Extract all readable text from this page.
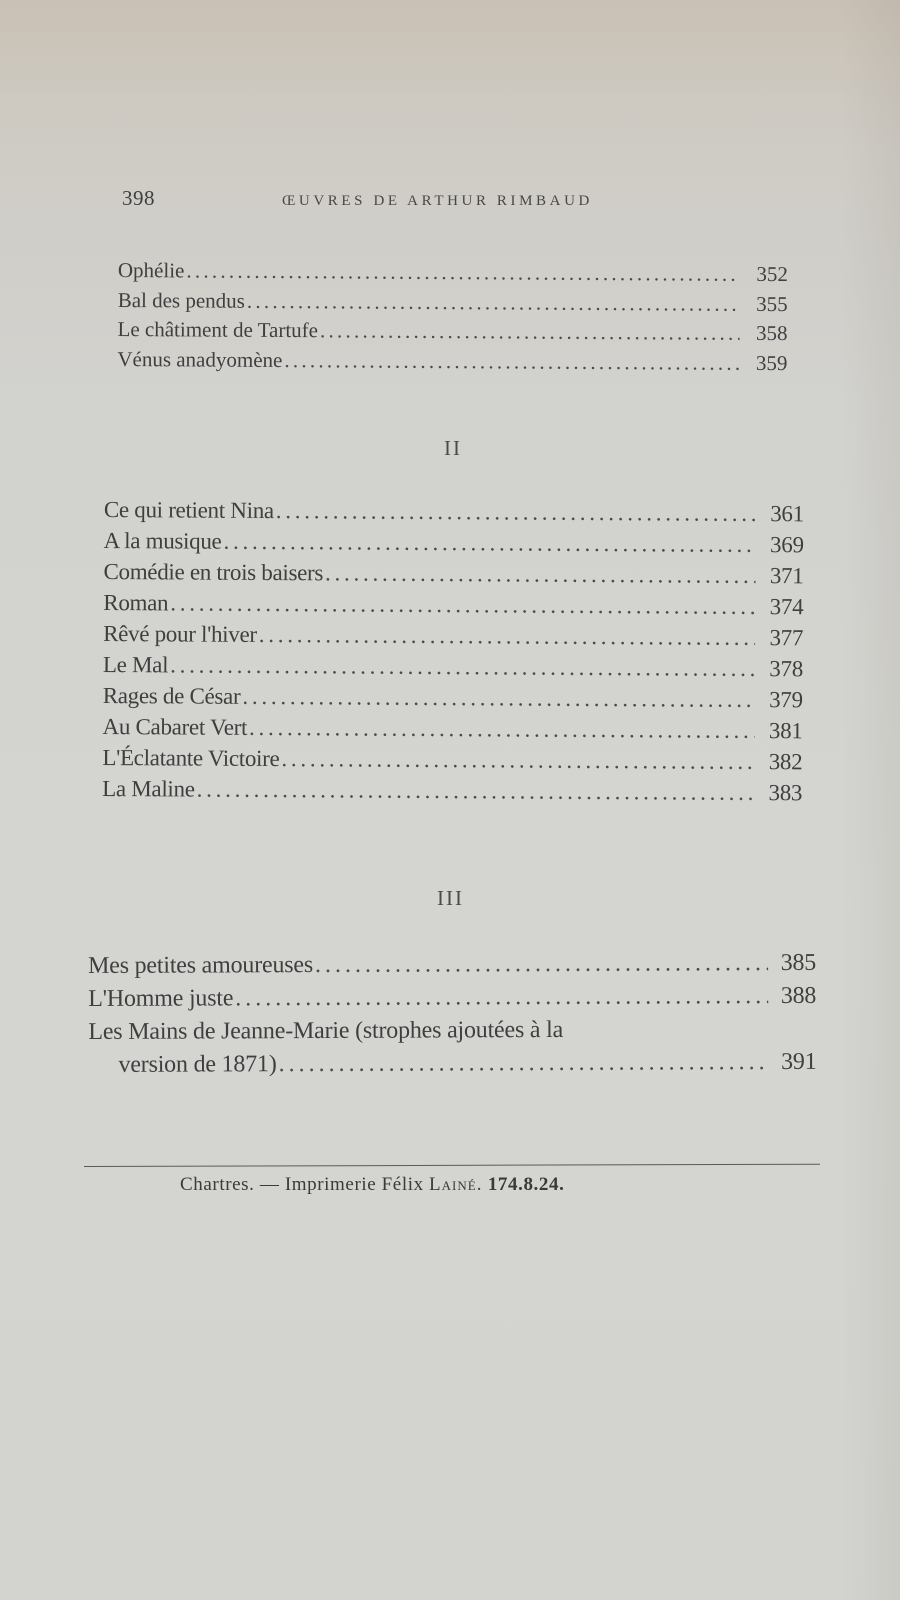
398	ŒUVRES DE ARTHUR RIMBAUD
Ophélie . . .	352
Bal des pendus . . .	355
Le châtiment de Tartufe . . .	358
Vénus anadyomène . . .	359
II
Ce qui retient Nina . . .	361
A la musique . . .	369
Comédie en trois baisers . . .	371
Roman . . .	374
Rêvé pour l'hiver . . .	377
Le Mal . . .	378
Rages de César . . .	379
Au Cabaret Vert . . .	381
L'Éclatante Victoire . . .	382
La Maline . . .	383
III
Mes petites amoureuses . . .	385
L'Homme juste . . .	388
Les Mains de Jeanne-Marie (strophes ajoutées à la
version de 1871) . . .	391
Chartres. — Imprimerie Félix Lainé. 174.8.24.
